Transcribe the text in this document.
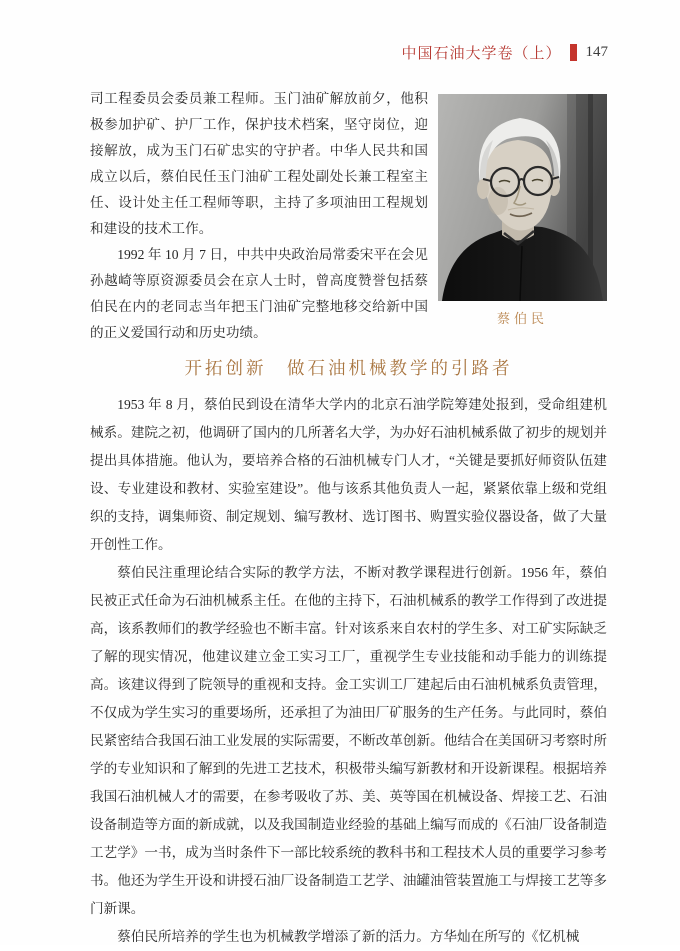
中国石油大学卷（上） 147
蔡伯民

司工程委员会委员兼工程师。玉门油矿解放前夕，他积极参加护矿、护厂工作，保护技术档案，坚守岗位，迎接解放，成为玉门石矿忠实的守护者。中华人民共和国成立以后，蔡伯民任玉门油矿工程处副处长兼工程室主任、设计处主任工程师等职，主持了多项油田工程规划和建设的技术工作。

1992 年 10 月 7 日，中共中央政治局常委宋平在会见孙越崎等原资源委员会在京人士时，曾高度赞誉包括蔡伯民在内的老同志当年把玉门油矿完整地移交给新中国的正义爱国行动和历史功绩。

开拓创新　做石油机械教学的引路者

1953 年 8 月，蔡伯民到设在清华大学内的北京石油学院筹建处报到，受命组建机械系。建院之初，他调研了国内的几所著名大学，为办好石油机械系做了初步的规划并提出具体措施。他认为，要培养合格的石油机械专门人才，“关键是要抓好师资队伍建设、专业建设和教材、实验室建设”。他与该系其他负责人一起，紧紧依靠上级和党组织的支持，调集师资、制定规划、编写教材、选订图书、购置实验仪器设备，做了大量开创性工作。

蔡伯民注重理论结合实际的教学方法，不断对教学课程进行创新。1956 年，蔡伯民被正式任命为石油机械系主任。在他的主持下，石油机械系的教学工作得到了改进提高，该系教师们的教学经验也不断丰富。针对该系来自农村的学生多、对工矿实际缺乏了解的现实情况，他建议建立金工实习工厂，重视学生专业技能和动手能力的训练提高。该建议得到了院领导的重视和支持。金工实训工厂建起后由石油机械系负责管理，不仅成为学生实习的重要场所，还承担了为油田厂矿服务的生产任务。与此同时，蔡伯民紧密结合我国石油工业发展的实际需要，不断改革创新。他结合在美国研习考察时所学的专业知识和了解到的先进工艺技术，积极带头编写新教材和开设新课程。根据培养我国石油机械人才的需要，在参考吸收了苏、美、英等国在机械设备、焊接工艺、石油设备制造等方面的新成就，以及我国制造业经验的基础上编写而成的《石油厂设备制造工艺学》一书，成为当时条件下一部比较系统的教科书和工程技术人员的重要学习参考书。他还为学生开设和讲授石油厂设备制造工艺学、油罐油管装置施工与焊接工艺等多门新课。

蔡伯民所培养的学生也为机械教学增添了新的活力。方华灿在所写的《忆机械
